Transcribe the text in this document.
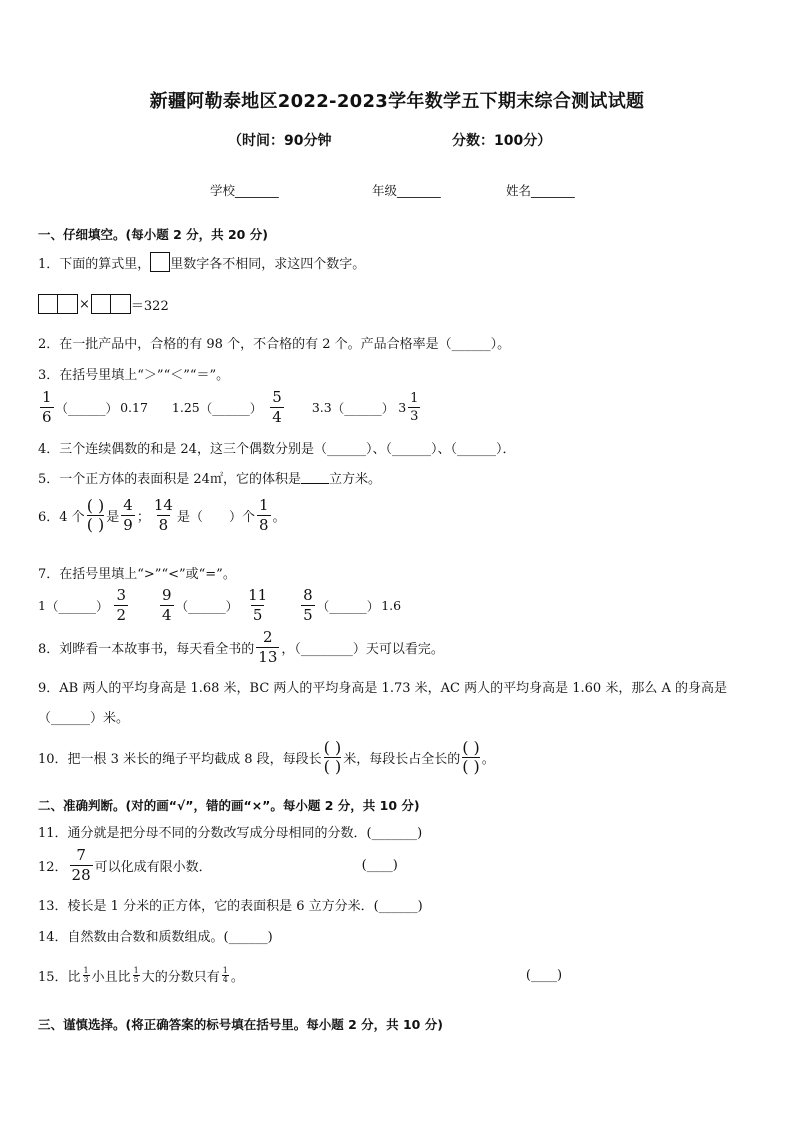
新疆阿勒泰地区2022-2023学年数学五下期末综合测试试题
（时间：90分钟	分数：100分）
学校_______	年级_______	姓名_______
一、仔细填空。(每小题 2 分，共 20 分)
1．下面的算式里， 里数字各不相同，求这四个数字。
×	＝322
2．在一批产品中，合格的有 98 个，不合格的有 2 个。产品合格率是（______）。
3．在括号里填上“＞”“＜”“＝”。
$\frac{1}{6}$ （______） 0.17 1.25 （______） $\frac{5}{4} 3.3$ （______） $3 \frac{1}{3}$
4．三个连续偶数的和是 24，这三个偶数分别是（______）、（______）、（______）．
5．一个正方体的表面积是 24㎡，它的体积是 立方米。
6．4 个
( )
( ) 是 $\frac{4}{9}$ ； $\frac{14}{8}$ 是（　　）个 $\frac{1}{8}$ 。
7．在括号里填上“>”“<”或“=”。
1 （______） $\frac{3}{2} \frac{9}{4}$ （______） $\frac{11}{5} \frac{8}{5}$ （______） 1.6
8．刘晔看一本故事书，每天看全书的 $\frac{2}{13}$ ，（________）天可以看完。
9．AB 两人的平均身高是 1.68 米，BC 两人的平均身高是 1.73 米，AC 两人的平均身高是 1.60 米，那么 A 的身高是
（______）米。
10．把一根 3 米长的绳子平均截成 8 段，每段长
( )
( ) 米，每段长占全长的
( )
( ) 。
二、准确判断。(对的画“√”，错的画“×”。每小题 2 分，共 10 分)
11．通分就是把分母不同的分数改写成分母相同的分数．(_______)
12． $\frac{7}{28}$ 可以化成有限小数．	(____)
13．棱长是 1 分米的正方体，它的表面积是 6 立方分米．(______)
14．自然数由合数和质数组成。(______)
15．比 $\frac{1}{3}$ 小且比 $\frac{1}{5}$ 大的分数只有 $\frac{1}{4}$ 。	(____)
三、谨慎选择。(将正确答案的标号填在括号里。每小题 2 分，共 10 分)
